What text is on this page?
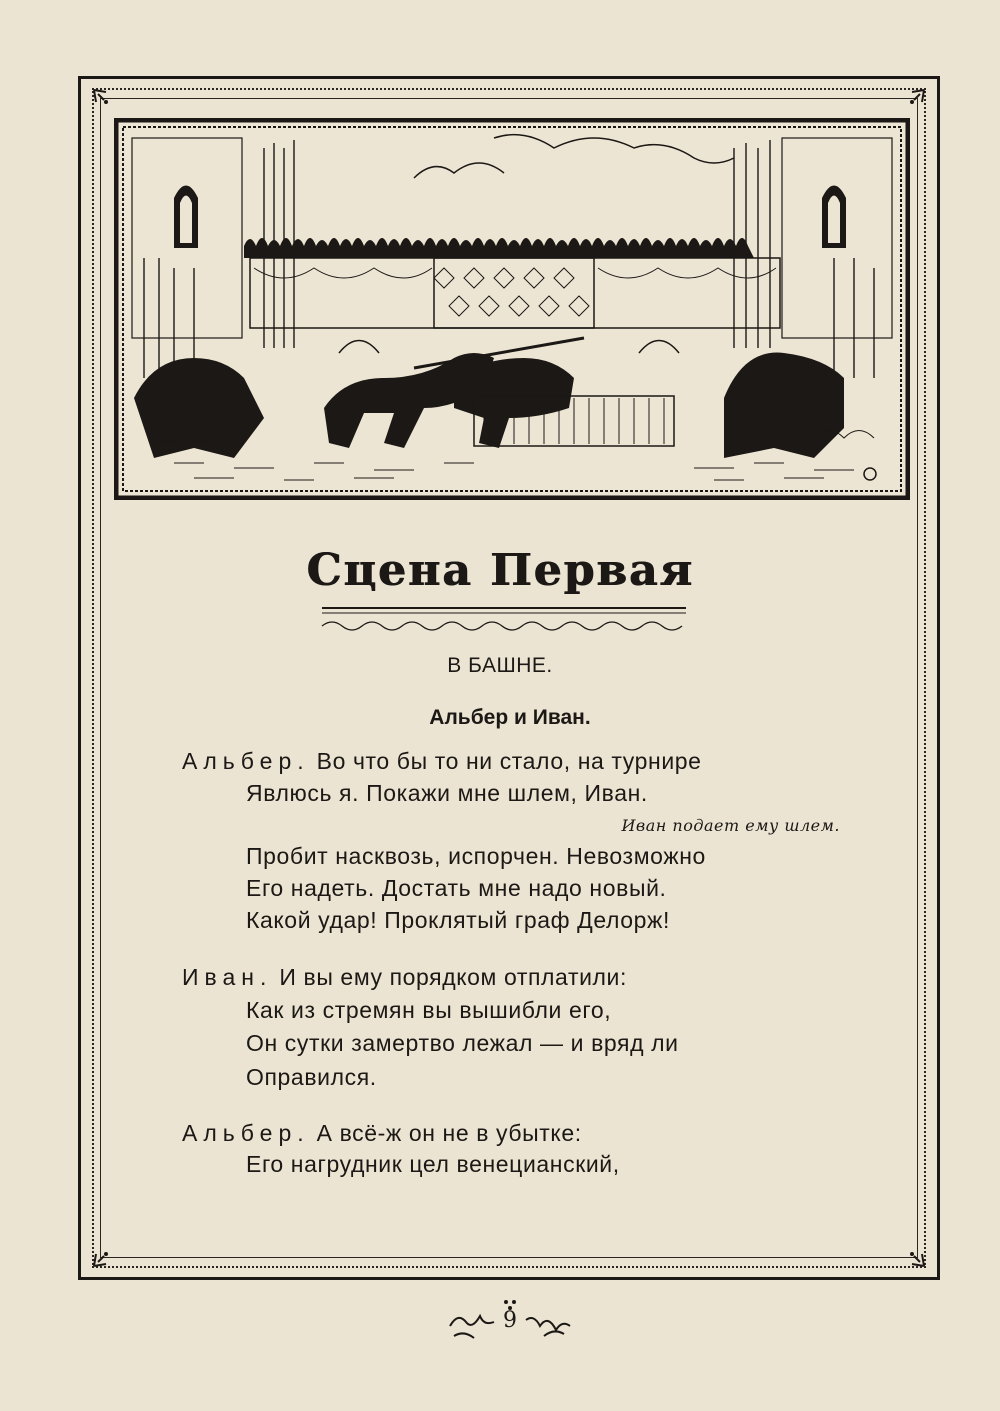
Сцена Первая
В БАШНЕ.
Альбер и Иван.
Альбер. Во что бы то ни стало, на турнире
Явлюсь я. Покажи мне шлем, Иван.
Иван подает ему шлем.
Пробит насквозь, испорчен. Невозможно
Его надеть. Достать мне надо новый.
Какой удар! Проклятый граф Делорж!
Иван. И вы ему порядком отплатили:
Как из стремян вы вышибли его,
Он сутки замертво лежал — и вряд ли
Оправился.
Альбер. А всё-ж он не в убытке:
Его нагрудник цел венецианский,
9
